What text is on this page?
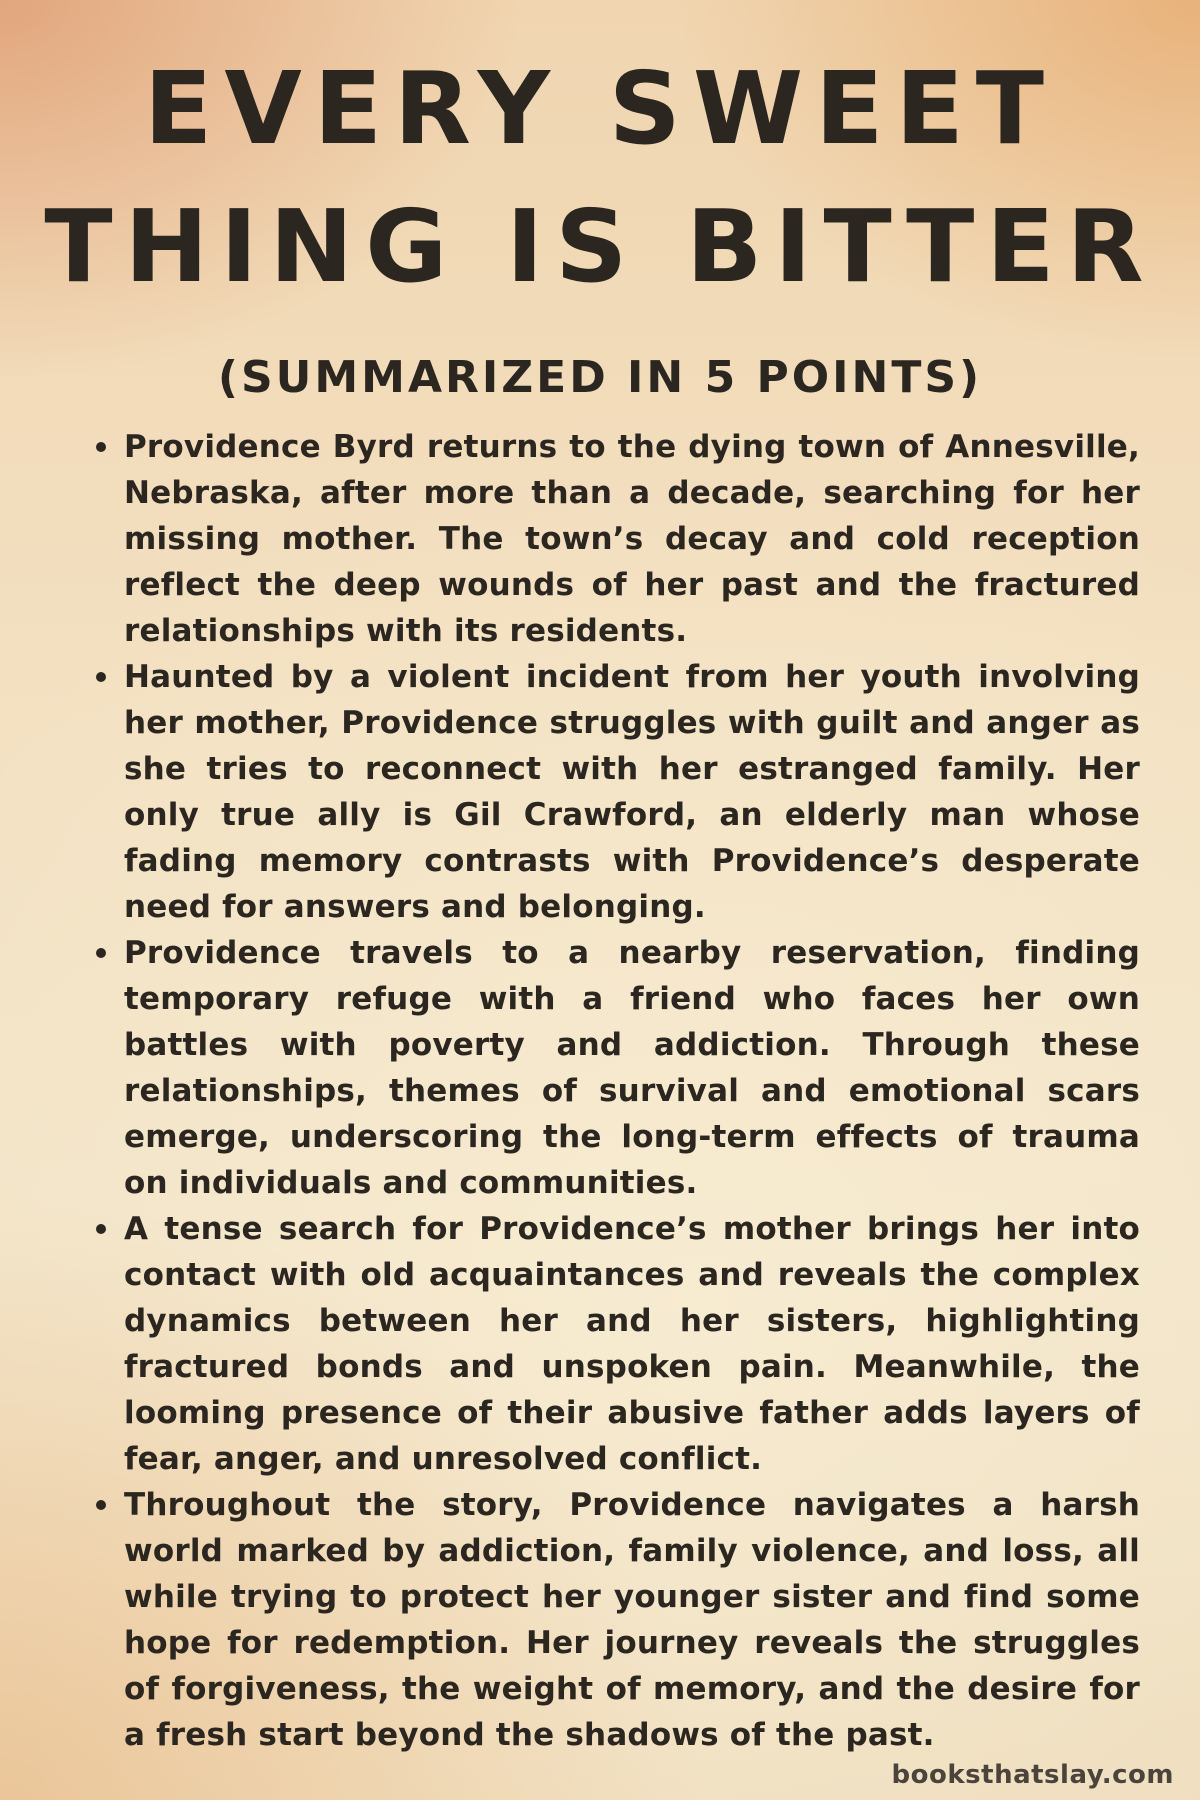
EVERY SWEET
THING IS BITTER
(SUMMARIZED IN 5 POINTS)
Providence Byrd returns to the dying town of Annesville, Nebraska, after more than a decade, searching for her missing mother. The town’s decay and cold reception reflect the deep wounds of her past and the fractured relationships with its residents.
Haunted by a violent incident from her youth involving her mother, Providence struggles with guilt and anger as she tries to reconnect with her estranged family. Her only true ally is Gil Crawford, an elderly man whose fading memory contrasts with Providence’s desperate need for answers and belonging.
Providence travels to a nearby reservation, finding temporary refuge with a friend who faces her own battles with poverty and addiction. Through these relationships, themes of survival and emotional scars emerge, underscoring the long-term effects of trauma on individuals and communities.
A tense search for Providence’s mother brings her into contact with old acquaintances and reveals the complex dynamics between her and her sisters, highlighting fractured bonds and unspoken pain. Meanwhile, the looming presence of their abusive father adds layers of fear, anger, and unresolved conflict.
Throughout the story, Providence navigates a harsh world marked by addiction, family violence, and loss, all while trying to protect her younger sister and find some hope for redemption. Her journey reveals the struggles of forgiveness, the weight of memory, and the desire for a fresh start beyond the shadows of the past.
booksthatslay.com
